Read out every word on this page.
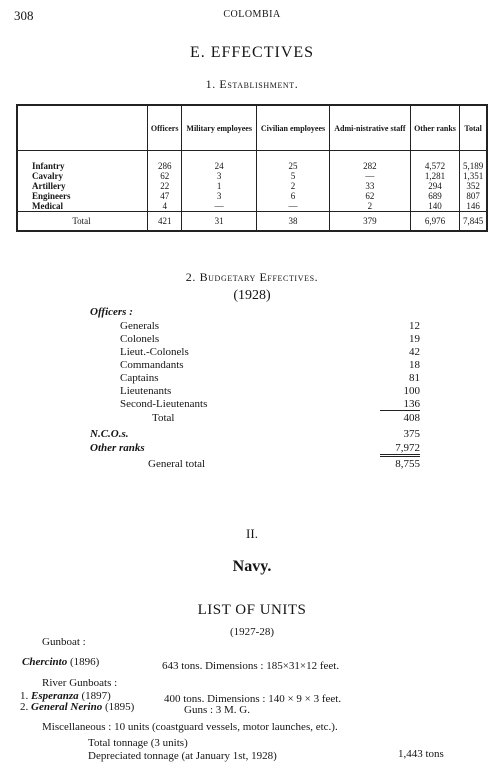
308	COLOMBIA
E. EFFECTIVES
1. Establishment.
	Officers	Military employees	Civilian employees	Admi-nistrative staff	Other ranks	Total
Infantry	286	24	25	282	4,572	5,189
Cavalry	62	3	5	—	1,281	1,351
Artillery	22	1	2	33	294	352
Engineers	47	3	6	62	689	807
Medical	4	—	—	2	140	146
Total	421	31	38	379	6,976	7,845
2. Budgetary Effectives.
(1928)
Officers :
Generals	12
Colonels	19
Lieut.-Colonels	42
Commandants	18
Captains	81
Lieutenants	100
Second-Lieutenants	136
Total	408
N.C.O.s.	375
Other ranks	7,972
General total	8,755
II.
Navy.
LIST OF UNITS
(1927-28)
Gunboat :
Chercinto (1896)	643 tons. Dimensions : 185×31×12 feet.
River Gunboats :
1. Esperanza (1897)
2. General Nerino (1895)
400 tons. Dimensions : 140 × 9 × 3 feet.
Guns : 3 M. G.
Miscellaneous : 10 units (coastguard vessels, motor launches, etc.).
Total tonnage (3 units)
Depreciated tonnage (at January 1st, 1928)	1,443 tons
